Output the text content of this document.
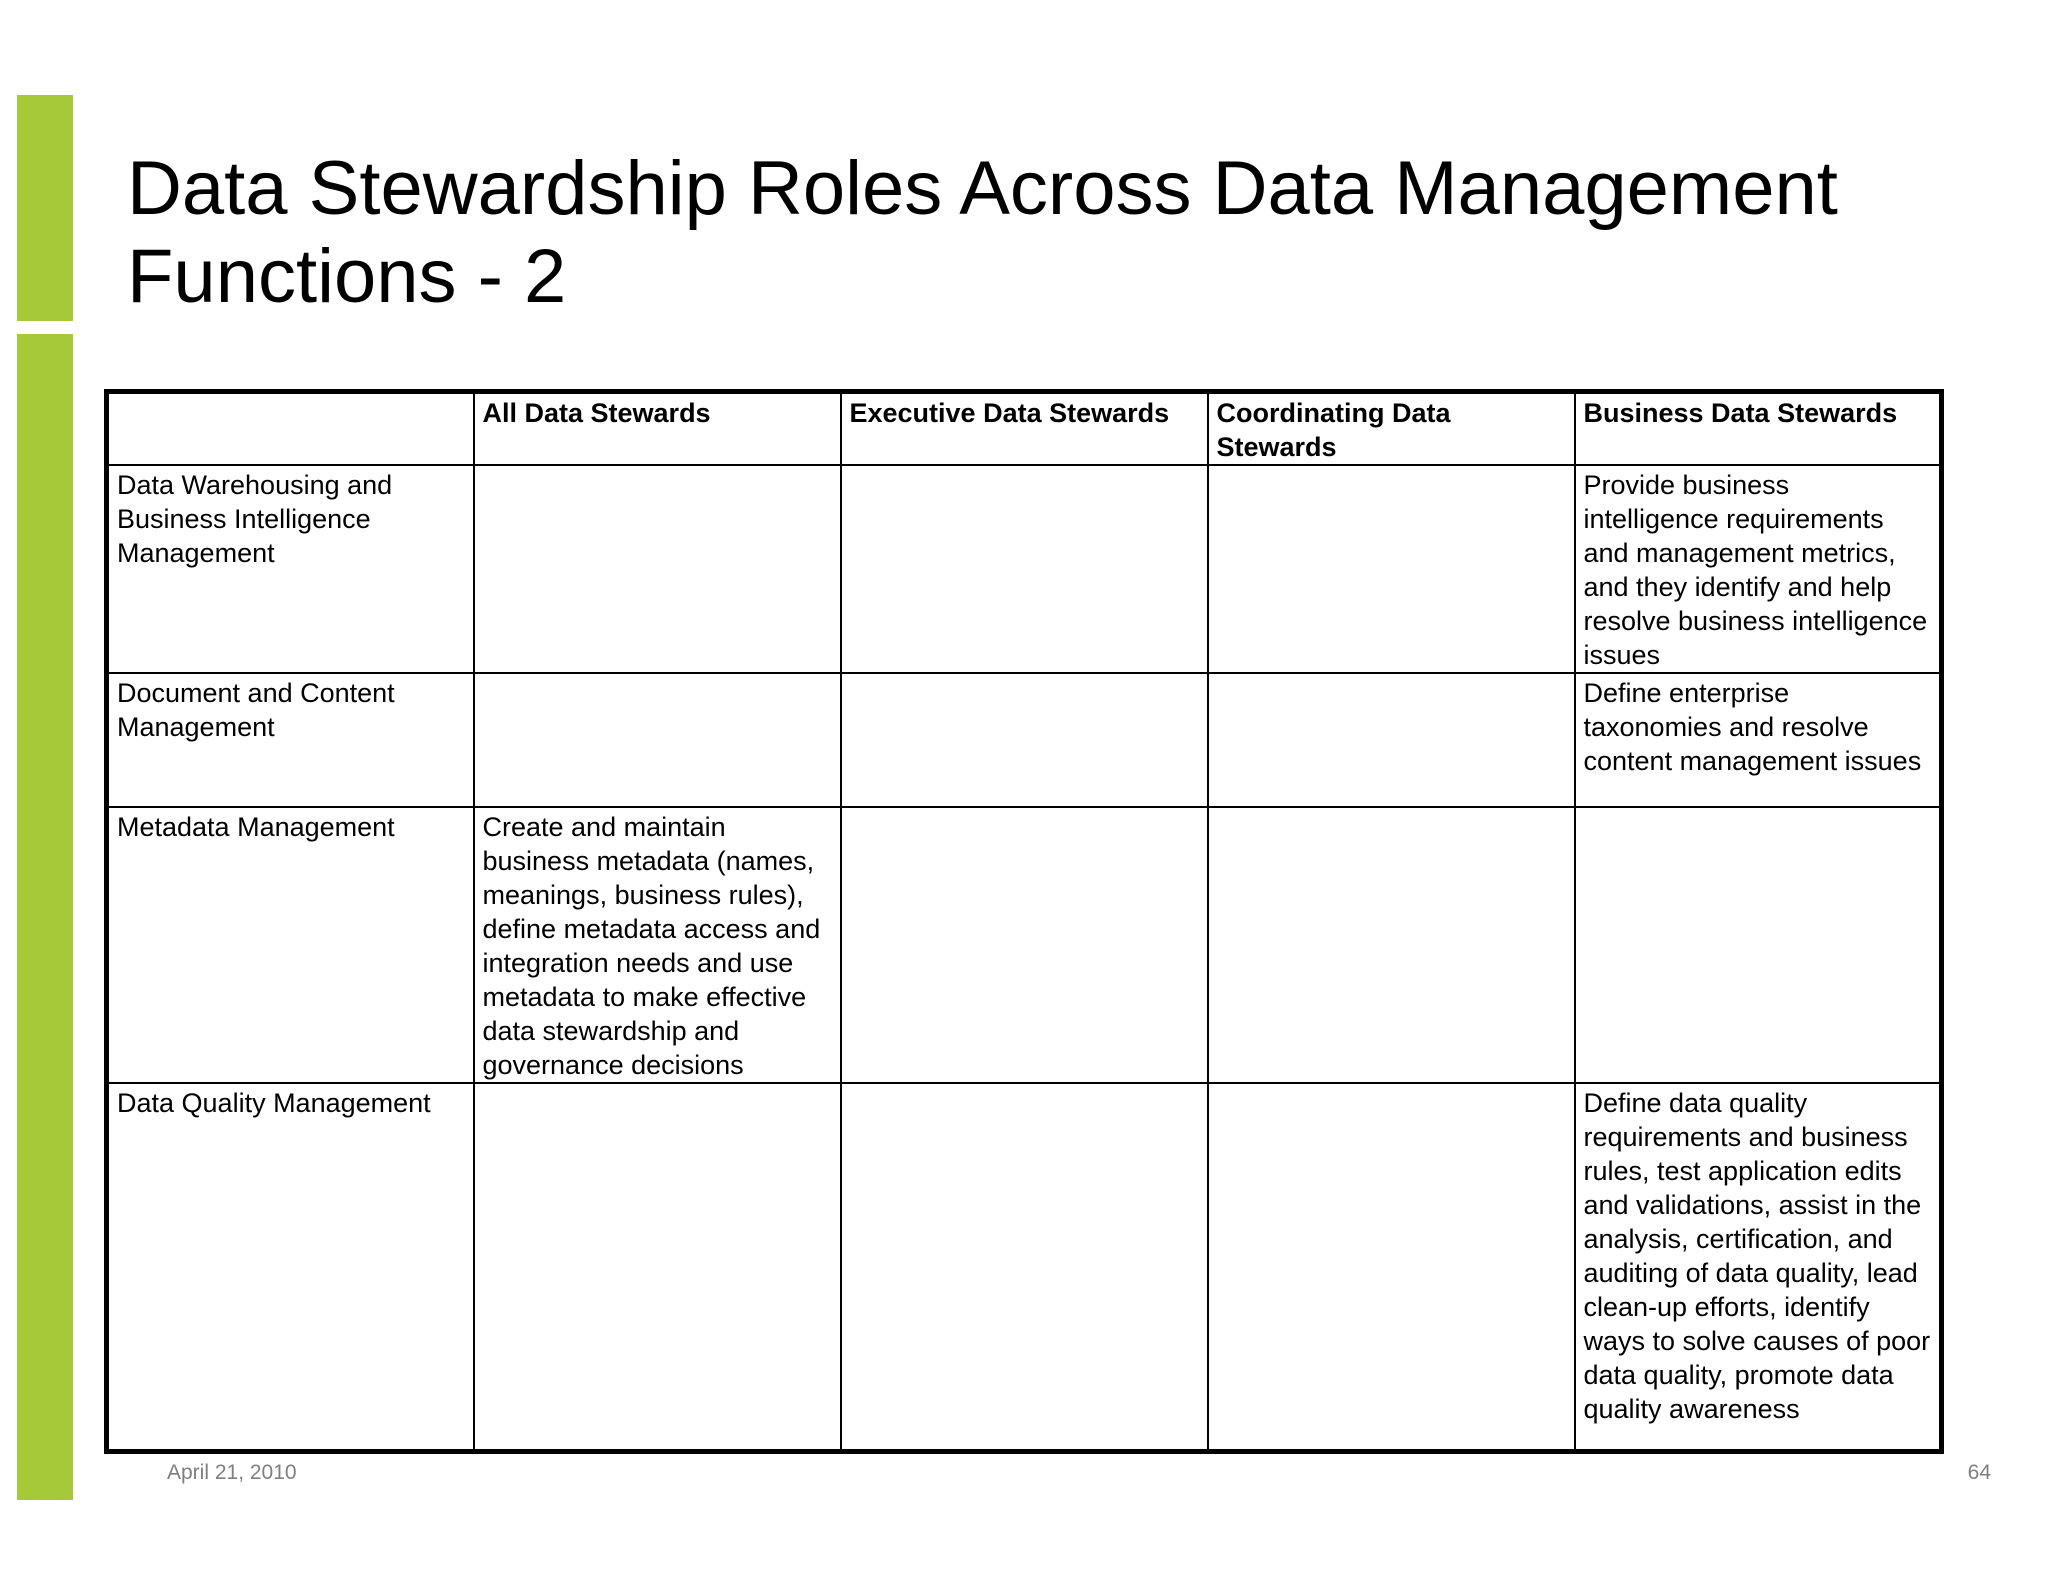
Data Stewardship Roles Across Data Management
Functions - 2
	All Data Stewards	Executive Data Stewards	Coordinating Data Stewards	Business Data Stewards
Data Warehousing and Business Intelligence Management				Provide business intelligence requirements and management metrics, and they identify and help resolve business intelligence issues
Document and Content Management				Define enterprise taxonomies and resolve content management issues
Metadata Management	Create and maintain business metadata (names, meanings, business rules), define metadata access and integration needs and use metadata to make effective data stewardship and governance decisions			
Data Quality Management				Define data quality requirements and business rules, test application edits and validations, assist in the analysis, certification, and auditing of data quality, lead clean-up efforts, identify ways to solve causes of poor data quality, promote data quality awareness
April 21, 2010	64
